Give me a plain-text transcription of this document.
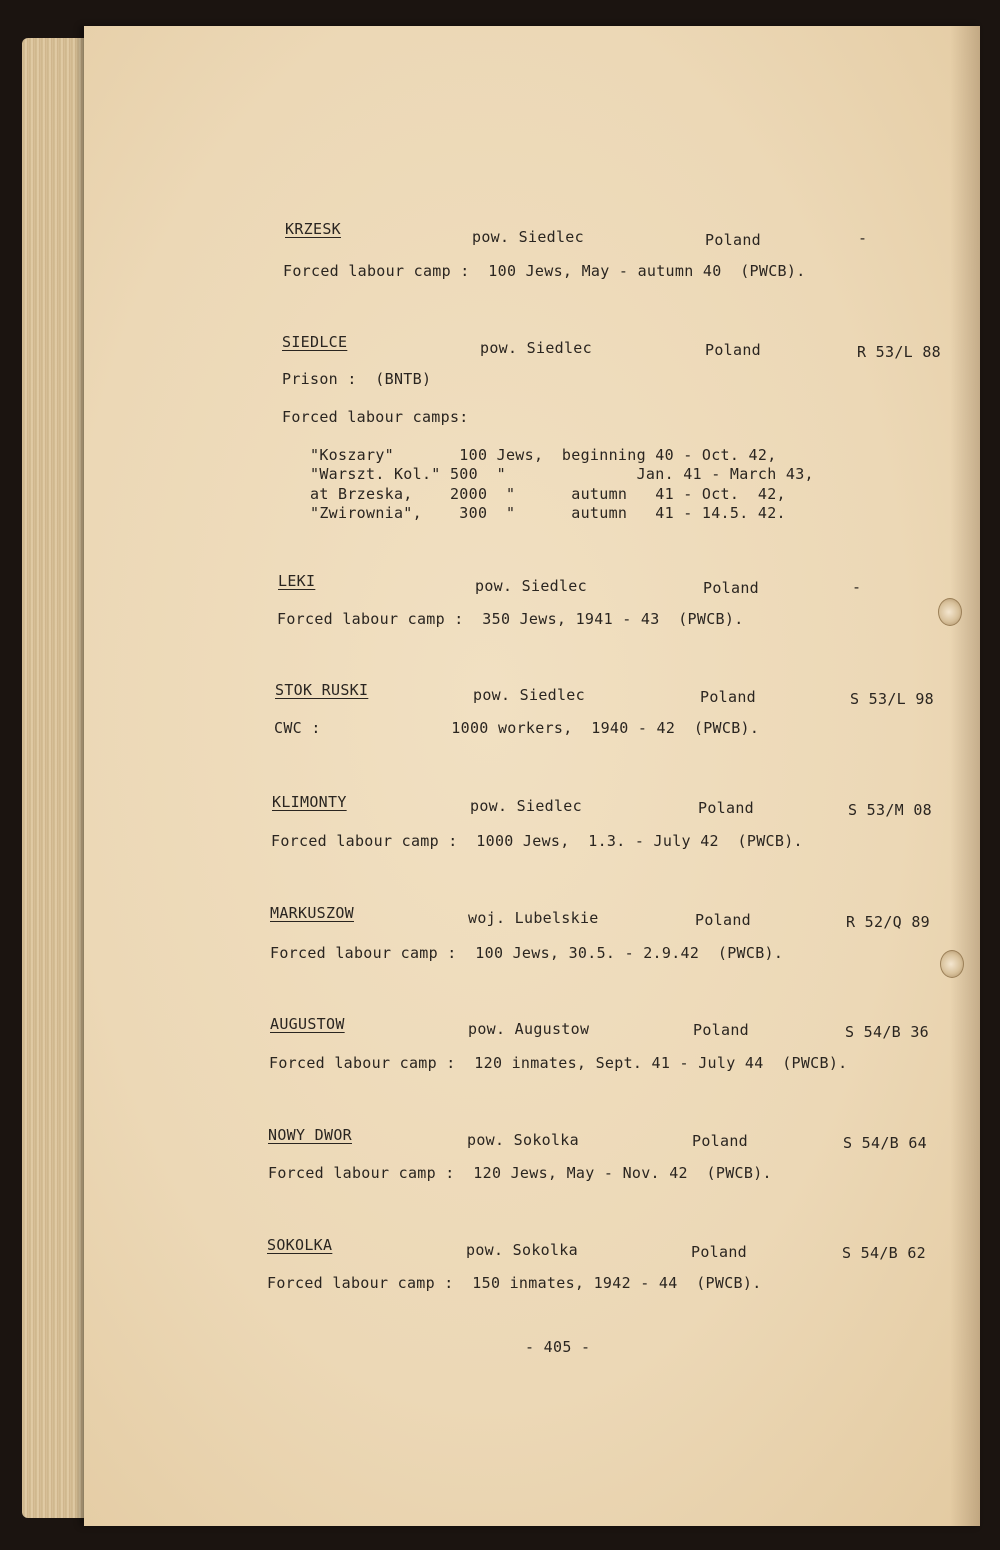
KRZESK	pow. Siedlec	Poland	-
Forced labour camp :  100 Jews, May - autumn 40  (PWCB).
SIEDLCE	pow. Siedlec	Poland	R 53/L 88
Prison :  (BNTB)
Forced labour camps:
"Koszary"       100 Jews,  beginning 40 - Oct. 42,
"Warszt. Kol." 500  "              Jan. 41 - March 43,
at Brzeska,    2000  "      autumn   41 - Oct.  42,
"Zwirownia",    300  "      autumn   41 - 14.5. 42.
LEKI	pow. Siedlec	Poland	-
Forced labour camp :  350 Jews, 1941 - 43  (PWCB).
STOK RUSKI	pow. Siedlec	Poland	S 53/L 98
CWC :              1000 workers,  1940 - 42  (PWCB).
KLIMONTY	pow. Siedlec	Poland	S 53/M 08
Forced labour camp :  1000 Jews,  1.3. - July 42  (PWCB).
MARKUSZOW	woj. Lubelskie	Poland	R 52/Q 89
Forced labour camp :  100 Jews, 30.5. - 2.9.42  (PWCB).
AUGUSTOW	pow. Augustow	Poland	S 54/B 36
Forced labour camp :  120 inmates, Sept. 41 - July 44  (PWCB).
NOWY DWOR	pow. Sokolka	Poland	S 54/B 64
Forced labour camp :  120 Jews, May - Nov. 42  (PWCB).
SOKOLKA	pow. Sokolka	Poland	S 54/B 62
Forced labour camp :  150 inmates, 1942 - 44  (PWCB).
- 405 -
